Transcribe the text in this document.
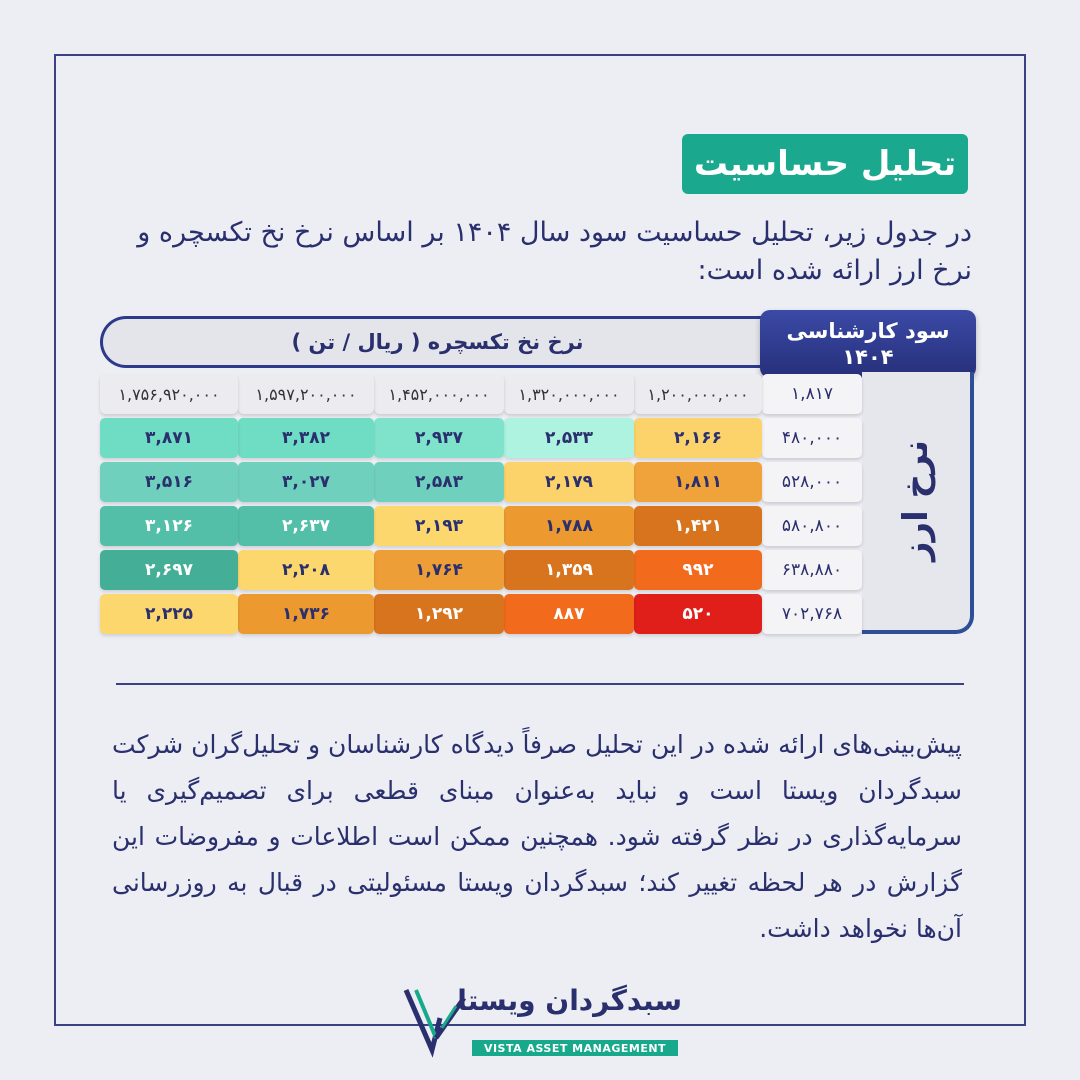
تحلیل حساسیت
در جدول زیر، تحلیل حساسیت سود سال ۱۴۰۴ بر اساس نرخ نخ تکسچره و نرخ ارز ارائه شده است:
نرخ نخ تکسچره ( ریال / تن )	سود کارشناسی
۱۴۰۴
نرخ ارز
۱,۸۱۷
۱,۲۰۰,۰۰۰,۰۰۰
۱,۳۲۰,۰۰۰,۰۰۰
۱,۴۵۲,۰۰۰,۰۰۰
۱,۵۹۷,۲۰۰,۰۰۰
۱,۷۵۶,۹۲۰,۰۰۰
۴۸۰,۰۰۰
۲,۱۶۶
۲,۵۳۳
۲,۹۳۷
۳,۳۸۲
۳,۸۷۱
۵۲۸,۰۰۰
۱,۸۱۱
۲,۱۷۹
۲,۵۸۳
۳,۰۲۷
۳,۵۱۶
۵۸۰,۸۰۰
۱,۴۲۱
۱,۷۸۸
۲,۱۹۳
۲,۶۳۷
۳,۱۲۶
۶۳۸,۸۸۰
۹۹۲
۱,۳۵۹
۱,۷۶۴
۲,۲۰۸
۲,۶۹۷
۷۰۲,۷۶۸
۵۲۰
۸۸۷
۱,۲۹۲
۱,۷۳۶
۲,۲۲۵
پیش‌بینی‌های ارائه شده در این تحلیل صرفاً دیدگاه کارشناسان و تحلیل‌گران شرکت سبدگردان ویستا است و نباید به‌عنوان مبنای قطعی برای تصمیم‌گیری یا سرمایه‌گذاری در نظر گرفته شود. همچنین ممکن است اطلاعات و مفروضات این گزارش در هر لحظه تغییر کند؛ سبدگردان ویستا مسئولیتی در قبال به روزرسانی آن‌ها نخواهد داشت.
سبدگردان ویستا
VISTA ASSET MANAGEMENT
